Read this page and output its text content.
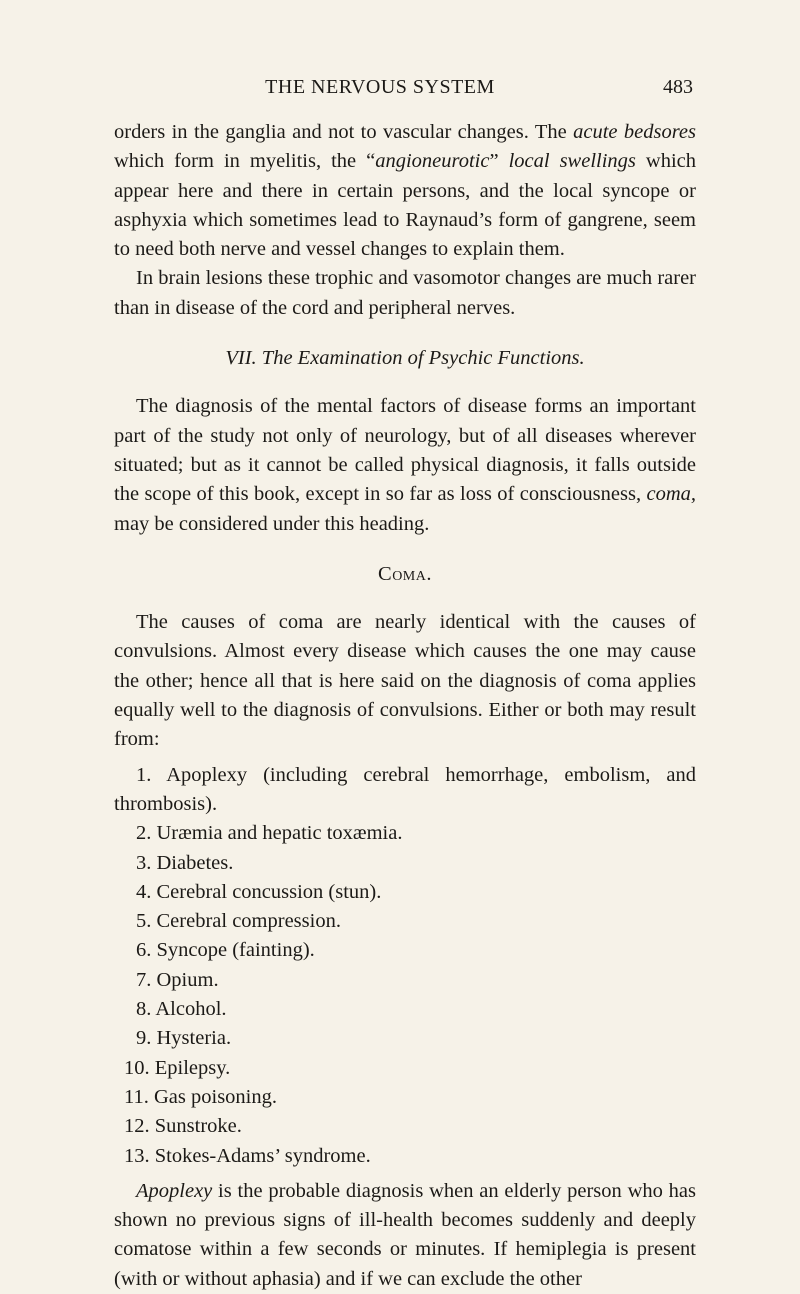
THE NERVOUS SYSTEM	483

orders in the ganglia and not to vascular changes. The acute bedsores which form in myelitis, the “angioneurotic” local swellings which appear here and there in certain persons, and the local syncope or asphyxia which sometimes lead to Raynaud’s form of gangrene, seem to need both nerve and vessel changes to explain them.

In brain lesions these trophic and vasomotor changes are much rarer than in disease of the cord and peripheral nerves.

VII. The Examination of Psychic Functions.

The diagnosis of the mental factors of disease forms an important part of the study not only of neurology, but of all diseases wherever situated; but as it cannot be called physical diagnosis, it falls outside the scope of this book, except in so far as loss of consciousness, coma, may be considered under this heading.

Coma.

The causes of coma are nearly identical with the causes of convulsions. Almost every disease which causes the one may cause the other; hence all that is here said on the diagnosis of coma applies equally well to the diagnosis of convulsions. Either or both may result from:

1. Apoplexy (including cerebral hemorrhage, embolism, and thrombosis).
2. Uræmia and hepatic toxæmia.
3. Diabetes.
4. Cerebral concussion (stun).
5. Cerebral compression.
6. Syncope (fainting).
7. Opium.
8. Alcohol.
9. Hysteria.
10. Epilepsy.
11. Gas poisoning.
12. Sunstroke.
13. Stokes-Adams’ syndrome.

Apoplexy is the probable diagnosis when an elderly person who has shown no previous signs of ill-health becomes suddenly and deeply comatose within a few seconds or minutes. If hemiplegia is present (with or without aphasia) and if we can exclude the other
